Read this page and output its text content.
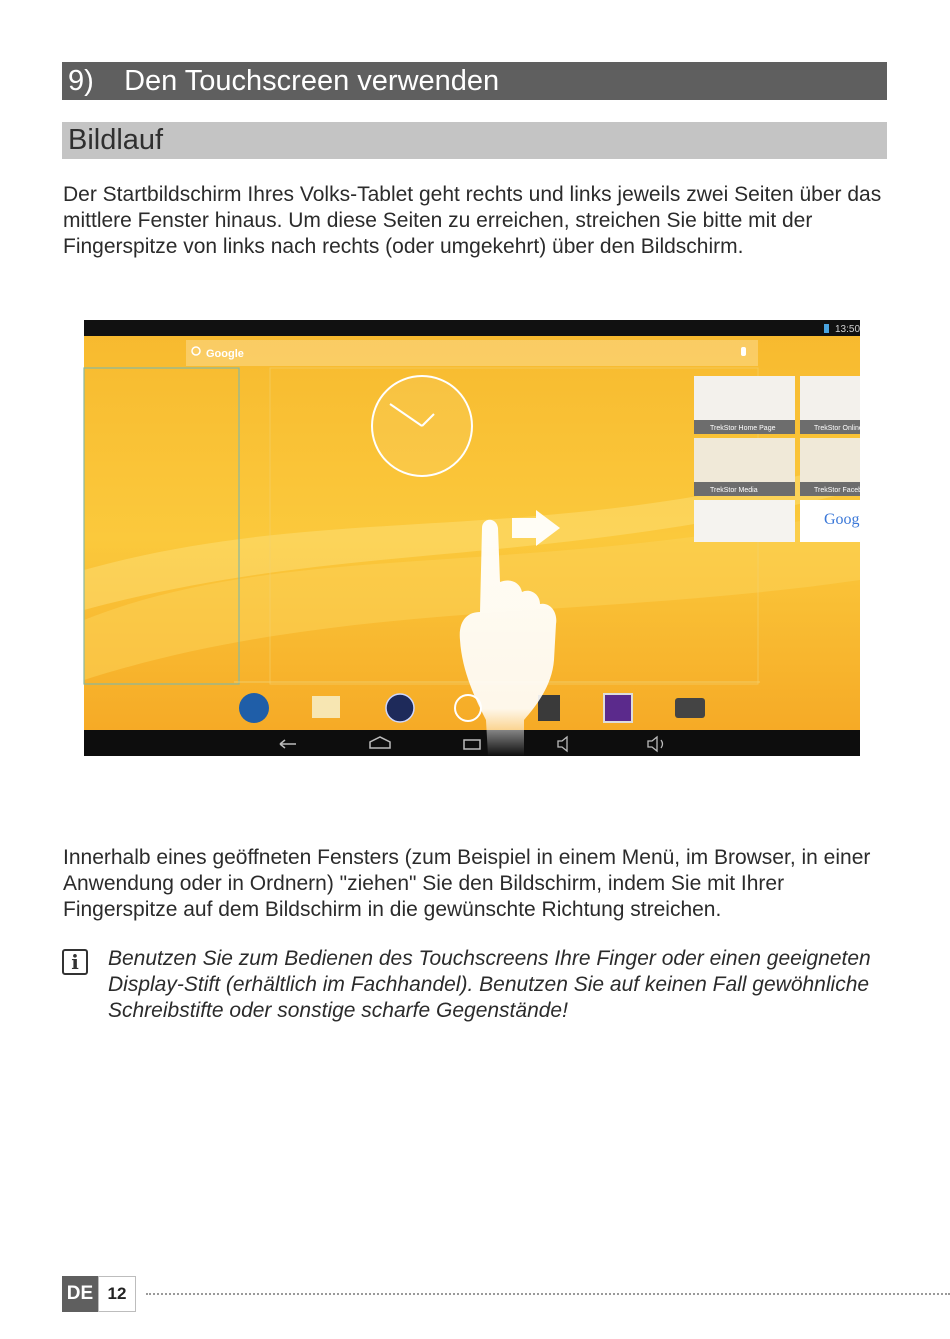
9) Den Touchscreen verwenden
Bildlauf

Der Startbildschirm Ihres Volks-Tablet geht rechts und links jeweils zwei Seiten über das mittlere Fenster hinaus. Um diese Seiten zu erreichen, streichen Sie bitte mit der Fingerspitze von links nach rechts (oder umgekehrt) über den Bildschirm.

13:50
Google
TrekStor Home Page	TrekStor Online
TrekStor Media	TrekStor Facebook
Goog

Innerhalb eines geöffneten Fensters (zum Beispiel in einem Menü, im Browser, in einer Anwendung oder in Ordnern) "ziehen" Sie den Bildschirm, indem Sie mit Ihrer Fingerspitze auf dem Bildschirm in die gewünschte Richtung streichen.

i	Benutzen Sie zum Bedienen des Touchscreens Ihre Finger oder einen geeigneten Display-Stift (erhältlich im Fachhandel). Benutzen Sie auf keinen Fall gewöhnliche Schreibstifte oder sonstige scharfe Gegenstände!

DE 12
